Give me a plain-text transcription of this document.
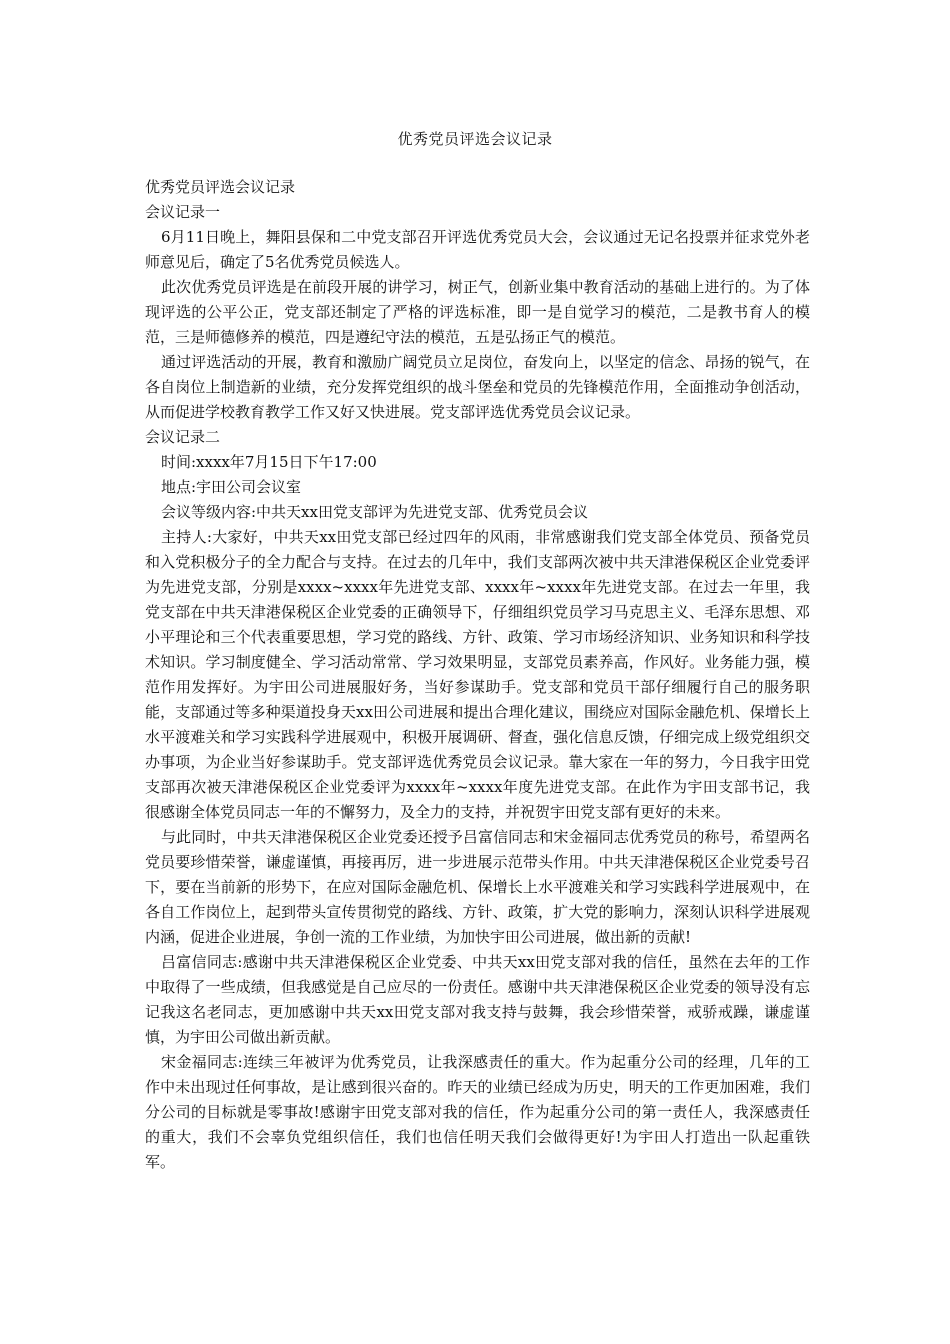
优秀党员评选会议记录

优秀党员评选会议记录

会议记录一

6月11日晚上，舞阳县保和二中党支部召开评选优秀党员大会，会议通过无记名投票并征求党外老师意见后，确定了5名优秀党员候选人。

此次优秀党员评选是在前段开展的讲学习，树正气，创新业集中教育活动的基础上进行的。为了体现评选的公平公正，党支部还制定了严格的评选标准，即一是自觉学习的模范，二是教书育人的模范，三是师德修养的模范，四是遵纪守法的模范，五是弘扬正气的模范。

通过评选活动的开展，教育和激励广阔党员立足岗位，奋发向上，以坚定的信念、昂扬的锐气，在各自岗位上制造新的业绩，充分发挥党组织的战斗堡垒和党员的先锋模范作用，全面推动争创活动，从而促进学校教育教学工作又好又快进展。党支部评选优秀党员会议记录。

会议记录二

时间:xxxx年7月15日下午17:00

地点:宇田公司会议室

会议等级内容:中共天xx田党支部评为先进党支部、优秀党员会议

主持人:大家好，中共天xx田党支部已经过四年的风雨，非常感谢我们党支部全体党员、预备党员和入党积极分子的全力配合与支持。在过去的几年中，我们支部两次被中共天津港保税区企业党委评为先进党支部，分别是xxxx~xxxx年先进党支部、xxxx年~xxxx年先进党支部。在过去一年里，我党支部在中共天津港保税区企业党委的正确领导下，仔细组织党员学习马克思主义、毛泽东思想、邓小平理论和三个代表重要思想，学习党的路线、方针、政策、学习市场经济知识、业务知识和科学技术知识。学习制度健全、学习活动常常、学习效果明显，支部党员素养高，作风好。业务能力强，模范作用发挥好。为宇田公司进展服好务，当好参谋助手。党支部和党员干部仔细履行自己的服务职能，支部通过等多种渠道投身天xx田公司进展和提出合理化建议，围绕应对国际金融危机、保增长上水平渡难关和学习实践科学进展观中，积极开展调研、督查，强化信息反馈，仔细完成上级党组织交办事项，为企业当好参谋助手。党支部评选优秀党员会议记录。靠大家在一年的努力，今日我宇田党支部再次被天津港保税区企业党委评为xxxx年~xxxx年度先进党支部。在此作为宇田支部书记，我很感谢全体党员同志一年的不懈努力，及全力的支持，并祝贺宇田党支部有更好的未来。

与此同时，中共天津港保税区企业党委还授予吕富信同志和宋金福同志优秀党员的称号，希望两名党员要珍惜荣誉，谦虚谨慎，再接再厉，进一步进展示范带头作用。中共天津港保税区企业党委号召下，要在当前新的形势下，在应对国际金融危机、保增长上水平渡难关和学习实践科学进展观中，在各自工作岗位上，起到带头宣传贯彻党的路线、方针、政策，扩大党的影响力，深刻认识科学进展观内涵，促进企业进展，争创一流的工作业绩，为加快宇田公司进展，做出新的贡献!

吕富信同志:感谢中共天津港保税区企业党委、中共天xx田党支部对我的信任，虽然在去年的工作中取得了一些成绩，但我感觉是自己应尽的一份责任。感谢中共天津港保税区企业党委的领导没有忘记我这名老同志，更加感谢中共天xx田党支部对我支持与鼓舞，我会珍惜荣誉，戒骄戒躁，谦虚谨慎，为宇田公司做出新贡献。

宋金福同志:连续三年被评为优秀党员，让我深感责任的重大。作为起重分公司的经理，几年的工作中未出现过任何事故，是让感到很兴奋的。昨天的业绩已经成为历史，明天的工作更加困难，我们分公司的目标就是零事故!感谢宇田党支部对我的信任，作为起重分公司的第一责任人，我深感责任的重大，我们不会辜负党组织信任，我们也信任明天我们会做得更好!为宇田人打造出一队起重铁军。
